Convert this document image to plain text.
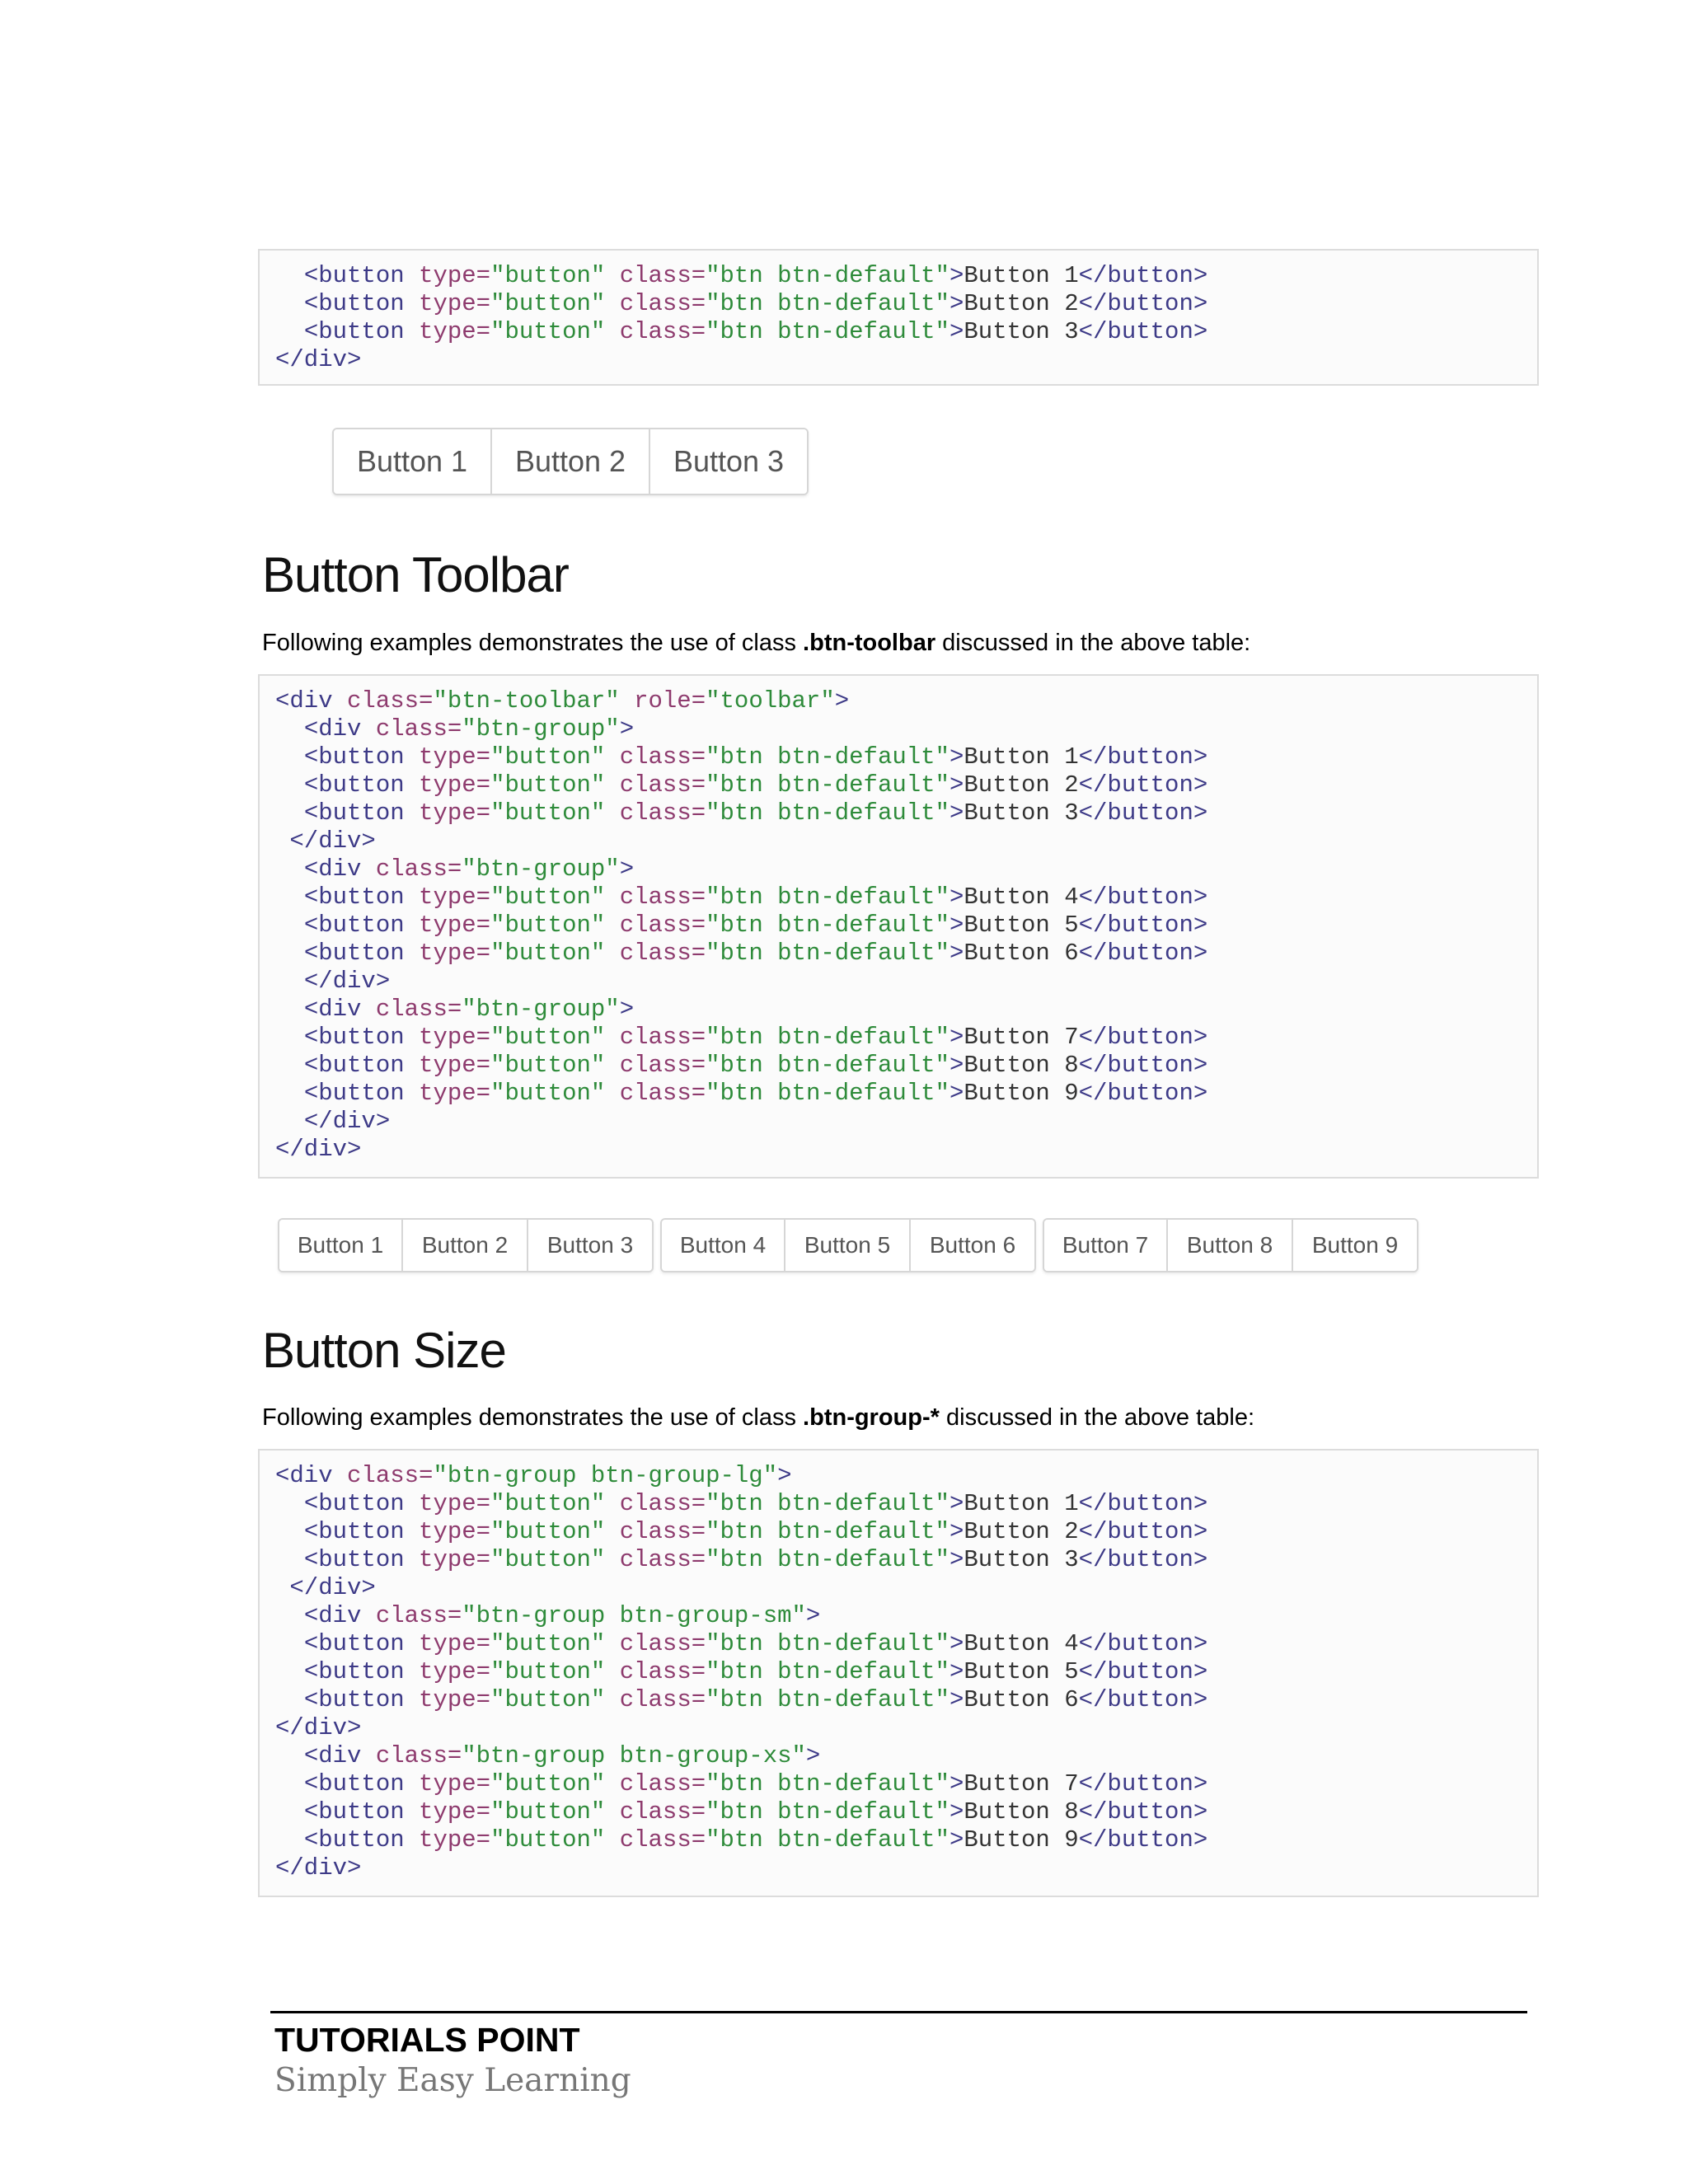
<button type="button" class="btn btn-default">Button 1</button>
<button type="button" class="btn btn-default">Button 2</button>
<button type="button" class="btn btn-default">Button 3</button>
</div>
Button 1	Button 2	Button 3
Button Toolbar

Following examples demonstrates the use of class .btn-toolbar discussed in the above table:

<div class="btn-toolbar" role="toolbar">
<div class="btn-group">
<button type="button" class="btn btn-default">Button 1</button>
<button type="button" class="btn btn-default">Button 2</button>
<button type="button" class="btn btn-default">Button 3</button>
</div>
<div class="btn-group">
<button type="button" class="btn btn-default">Button 4</button>
<button type="button" class="btn btn-default">Button 5</button>
<button type="button" class="btn btn-default">Button 6</button>
</div>
<div class="btn-group">
<button type="button" class="btn btn-default">Button 7</button>
<button type="button" class="btn btn-default">Button 8</button>
<button type="button" class="btn btn-default">Button 9</button>
</div>
</div>
Button 1	Button 2	Button 3	Button 4	Button 5	Button 6	Button 7	Button 8	Button 9
Button Size

Following examples demonstrates the use of class .btn-group-* discussed in the above table:

<div class="btn-group btn-group-lg">
<button type="button" class="btn btn-default">Button 1</button>
<button type="button" class="btn btn-default">Button 2</button>
<button type="button" class="btn btn-default">Button 3</button>
</div>
<div class="btn-group btn-group-sm">
<button type="button" class="btn btn-default">Button 4</button>
<button type="button" class="btn btn-default">Button 5</button>
<button type="button" class="btn btn-default">Button 6</button>
</div>
<div class="btn-group btn-group-xs">
<button type="button" class="btn btn-default">Button 7</button>
<button type="button" class="btn btn-default">Button 8</button>
<button type="button" class="btn btn-default">Button 9</button>
</div>

TUTORIALS POINT

Simply Easy Learning
